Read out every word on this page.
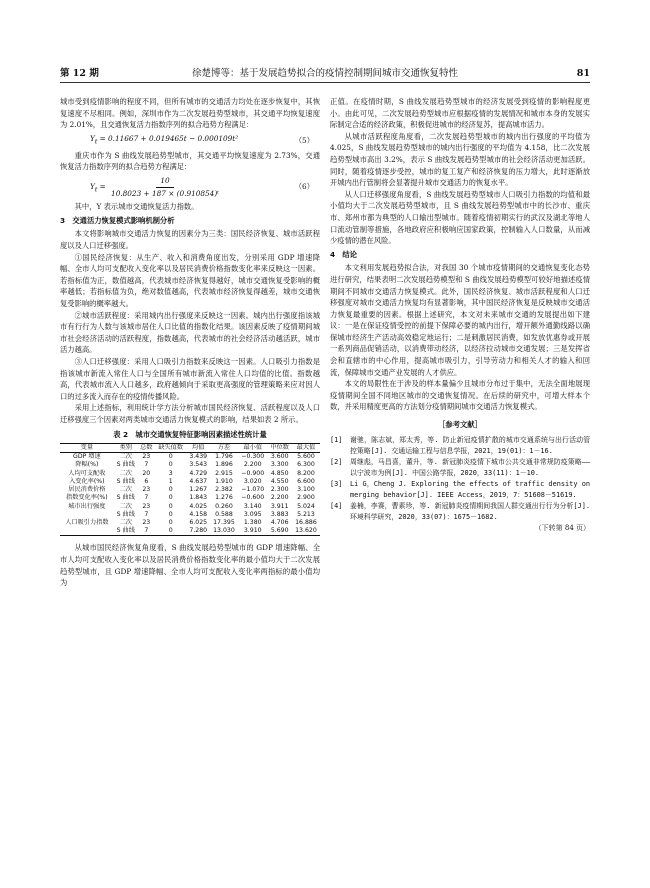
第 12 期	徐楚博等：基于发展趋势拟合的疫情控制期间城市交通恢复特性	81

城市受到疫情影响的程度不同，但所有城市的交通活力均处在逐步恢复中，其恢复速度不尽相同。例如，深圳市作为二次发展趋势型城市，其交通平均恢复速度为 2.01%，且交通恢复活力指数序列的拟合趋势方程满足：

$Y_t = 0.11667 + 0.019465t - 0.000109t^2$	（5）

重庆市作为 S 曲线发展趋势型城市，其交通平均恢复速度为 2.73%，交通恢复活力指数序列的拟合趋势方程满足：

$Y_t = \frac{10}{\text{10.8023 + 187 × (0.910854)ᵗ}}$	（6）

其中，Y 表示城市交通恢复活力指数。

3　交通活力恢复模式影响机制分析

本文将影响城市交通活力恢复的因素分为三类：国民经济恢复、城市活跃程度以及人口迁移强度。

①国民经济恢复：从生产、收入和消费角度出发，分别采用 GDP 增速降幅、全市人均可支配收入变化率以及居民消费价格指数变化率来反映这一因素。若指标值为正，数值越高，代表城市经济恢复得越好，城市交通恢复受影响的概率越低；若指标值为负，绝对数值越高，代表城市经济恢复得越差，城市交通恢复受影响的概率越大。

②城市活跃程度：采用城内出行强度来反映这一因素。城内出行强度指该城市有行行为人数与该城市居住人口比值的指数化结果。该因素反映了疫情期间城市社会经济活动的活跃程度，指数越高，代表城市的社会经济活动越活跃，城市活力越高。

③人口迁移强度：采用人口吸引力指数来反映这一因素。人口吸引力指数是指该城市新流入常住人口与全国所有城市新流入常住人口均值的比值。指数越高，代表城市流入人口越多，政府越倾向于采取更高强度的管理策略来应对因人口的过多流入而存在的疫情传播风险。

采用上述指标，利用统计学方法分析城市国民经济恢复、活跃程度以及人口迁移强度三个因素对两类城市交通活力恢复模式的影响，结果如表 2 所示。

表 2　城市交通恢复特征影响因素描述性统计量
变量	类别	总数	缺失值数	均值	方差	最小值	中位数	最大值
GDP 增速	二次	23	0	3.439	1.796	−0.300	3.600	5.600
降幅(%)	S 曲线	7	0	3.543	1.896	2.200	3.300	6.300
人均可支配收	二次	20	3	4.729	2.915	−0.900	4.850	8.200
入变化率(%)	S 曲线	6	1	4.637	1.910	3.020	4.550	6.600
居民消费价格	二次	23	0	1.267	2.382	−1.070	2.300	3.100
指数变化率(%)	S 曲线	7	0	1.843	1.276	−0.600	2.200	2.900
城市出行强度	二次	23	0	4.025	0.260	3.140	3.911	5.024
	S 曲线	7	0	4.158	0.588	3.095	3.883	5.213
人口吸引力指数	二次	23	0	6.025	17.395	1.380	4.706	16.886
	S 曲线	7	0	7.280	13.030	3.910	5.690	13.620

从城市国民经济恢复角度看，S 曲线发展趋势型城市的 GDP 增速降幅、全市人均可支配收入变化率以及居民消费价格指数变化率的最小值均大于二次发展趋势型城市，且 GDP 增速降幅、全市人均可支配收入变化率两指标的最小值均为

正值。在疫情时期，S 曲线发展趋势型城市的经济发展受到疫情的影响程度更小。由此可见，二次发展趋势型城市应根据疫情的发展情况和城市本身的发展实际制定合适的经济政策，积极促进城市的经济复苏，提高城市活力。

从城市活跃程度角度看，二次发展趋势型城市的城内出行强度的平均值为 4.025，S 曲线发展趋势型城市的城内出行强度的平均值为 4.158，比二次发展趋势型城市高出 3.2%，表示 S 曲线发展趋势型城市的社会经济活动更加活跃。同时，随着疫情逐步受控，城市的复工复产和经济恢复的压力增大，此时逐渐放开城内出行管制将会显著提升城市交通活力的恢复水平。

从人口迁移强度角度看，S 曲线发展趋势型城市人口吸引力指数的均值和最小值均大于二次发展趋势型城市，且 S 曲线发展趋势型城市中的长沙市、重庆市、郑州市都为典型的人口输出型城市。随着疫情初期实行的武汉及湖北等地人口流动管制等措施，各地政府应积极响应国家政策，控制输入人口数量，从而减少疫情的潜在风险。

4　结论

本文利用发展趋势拟合法，对我国 30 个城市疫情期间的交通恢复变化态势进行研究，结果表明二次发展趋势模型和 S 曲线发展趋势模型可较好地描述疫情期间不同城市交通活力恢复模式。此外，国民经济恢复、城市活跃程度和人口迁移强度对城市交通活力恢复均有显著影响，其中国民经济恢复是反映城市交通活力恢复最重要的因素。根据上述研究，本文对未来城市交通的发展提出如下建议：一是在保证疫情受控的前提下保障必要的城内出行，增开额外通勤线路以确保城市经济生产活动高效稳定地运行；二是刺激居民消费，如发放优惠券或开展一系列商品促销活动，以消费带动经济，以经济拉动城市交通发展；三是发挥省会和直辖市的中心作用，提高城市吸引力，引导劳动力和相关人才的输入和回流，保障城市交通产业发展的人才供应。

本文的局限性在于涉及的样本量偏少且城市分布过于集中，无法全面地展现疫情期间全国不同地区城市的交通恢复情况。在后续的研究中，可增大样本个数，并采用精度更高的方法划分疫情期间城市交通活力恢复模式。

［参考文献］

[1]	谢驰，陈志斌，郑太秀，等. 防止新冠疫情扩散的城市交通系统与出行活动管控策略[J]. 交通运输工程与信息学报，2021，19(01)：1－16.
[2]	周继彪，马昌喜，董升，等. 新冠肺炎疫情下城市公共交通非常规防疫策略——以宁波市为例[J]. 中国公路学报，2020，33(11)：1－10.
[3]	Li G，Cheng J. Exploring the effects of traffic density on merging behavior[J]. IEEE Access，2019，7：51608－51619.
[4]	姜楠，李赛，曹素珍，等. 新冠肺炎疫情期间我国人群交通出行行为分析[J]. 环境科学研究，2020，33(07)：1675－1682.

（下转第 84 页）
